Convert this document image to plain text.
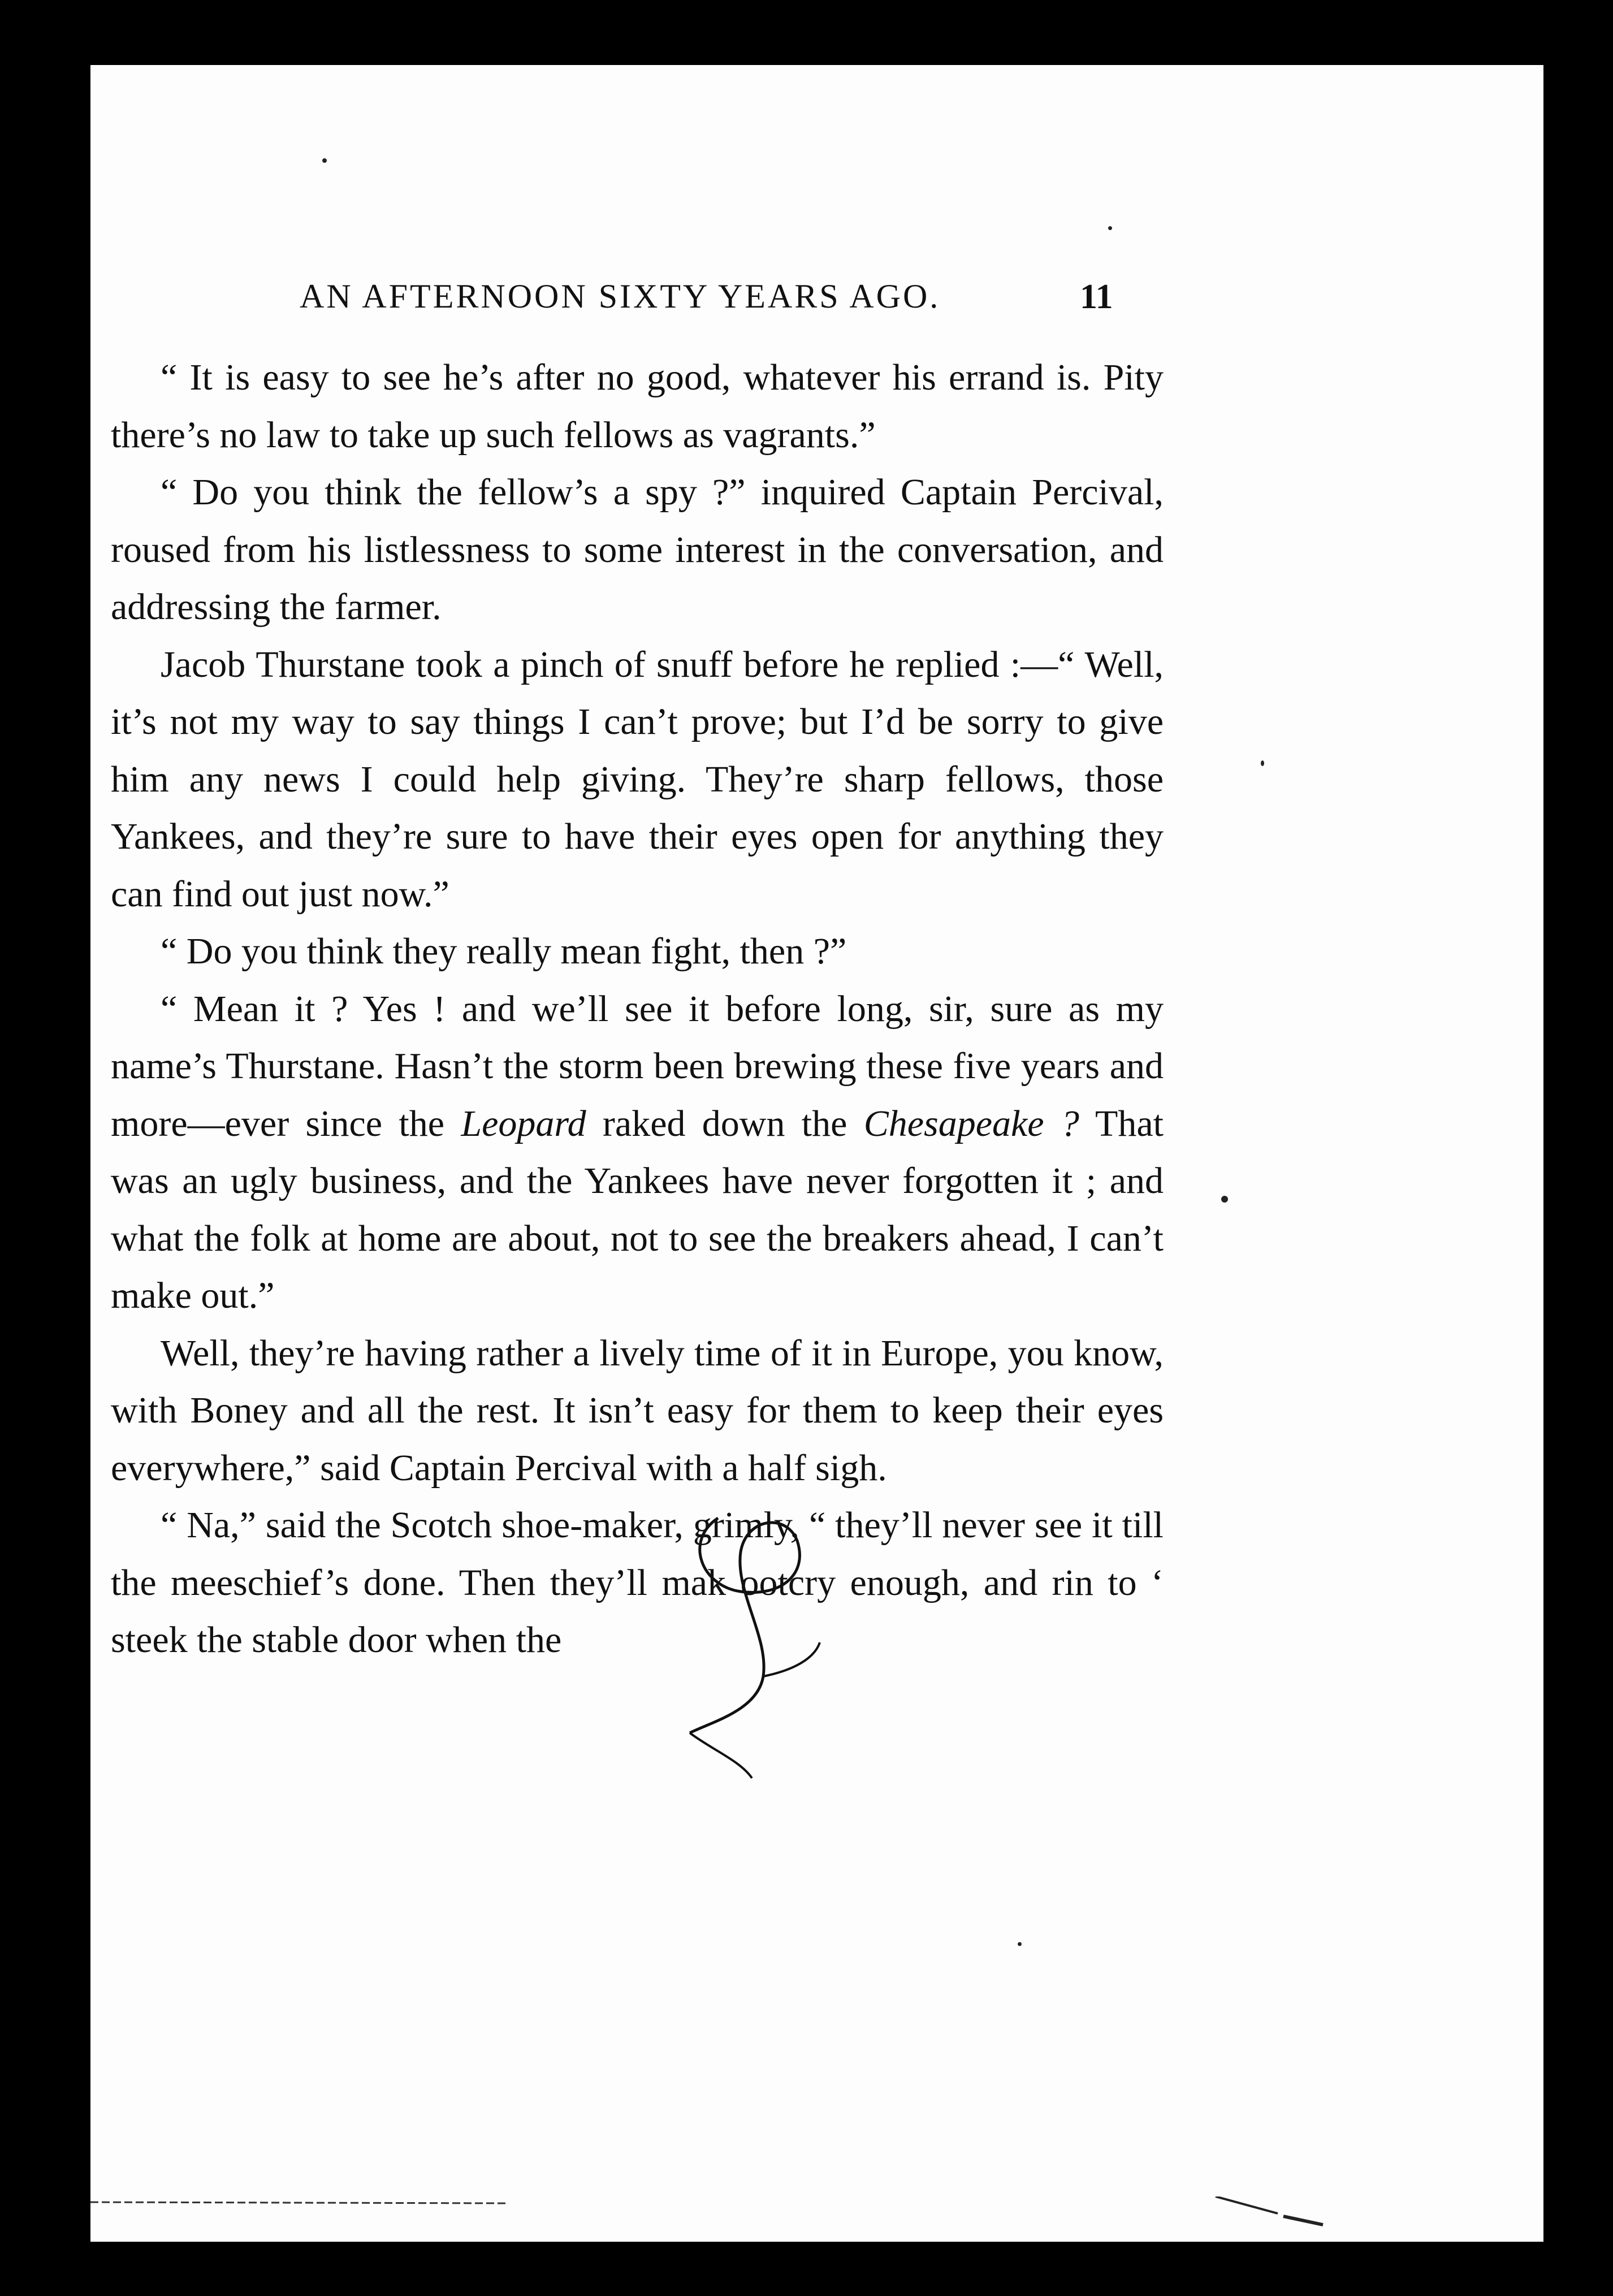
AN AFTERNOON SIXTY YEARS AGO.	11

“ It is easy to see he’s after no good, whatever his errand is. Pity there’s no law to take up such fellows as vagrants.”

“ Do you think the fellow’s a spy ?” inquired Captain Percival, roused from his listlessness to some interest in the conversation, and addressing the farmer.

Jacob Thurstane took a pinch of snuff before he replied :—“ Well, it’s not my way to say things I can’t prove; but I’d be sorry to give him any news I could help giving. They’re sharp fellows, those Yankees, and they’re sure to have their eyes open for anything they can find out just now.”

“ Do you think they really mean fight, then ?”

“ Mean it ? Yes ! and we’ll see it before long, sir, sure as my name’s Thurstane. Hasn’t the storm been brewing these five years and more—ever since the Leopard raked down the Chesapeake ? That was an ugly business, and the Yankees have never forgotten it ; and what the folk at home are about, not to see the breakers ahead, I can’t make out.”

Well, they’re having rather a lively time of it in Europe, you know, with Boney and all the rest. It isn’t easy for them to keep their eyes everywhere,” said Captain Percival with a half sigh.

“ Na,” said the Scotch shoe-maker, grimly, “ they’ll never see it till the meeschief’s done. Then they’ll mak ootcry enough, and rin to ‘ steek the stable door when the
